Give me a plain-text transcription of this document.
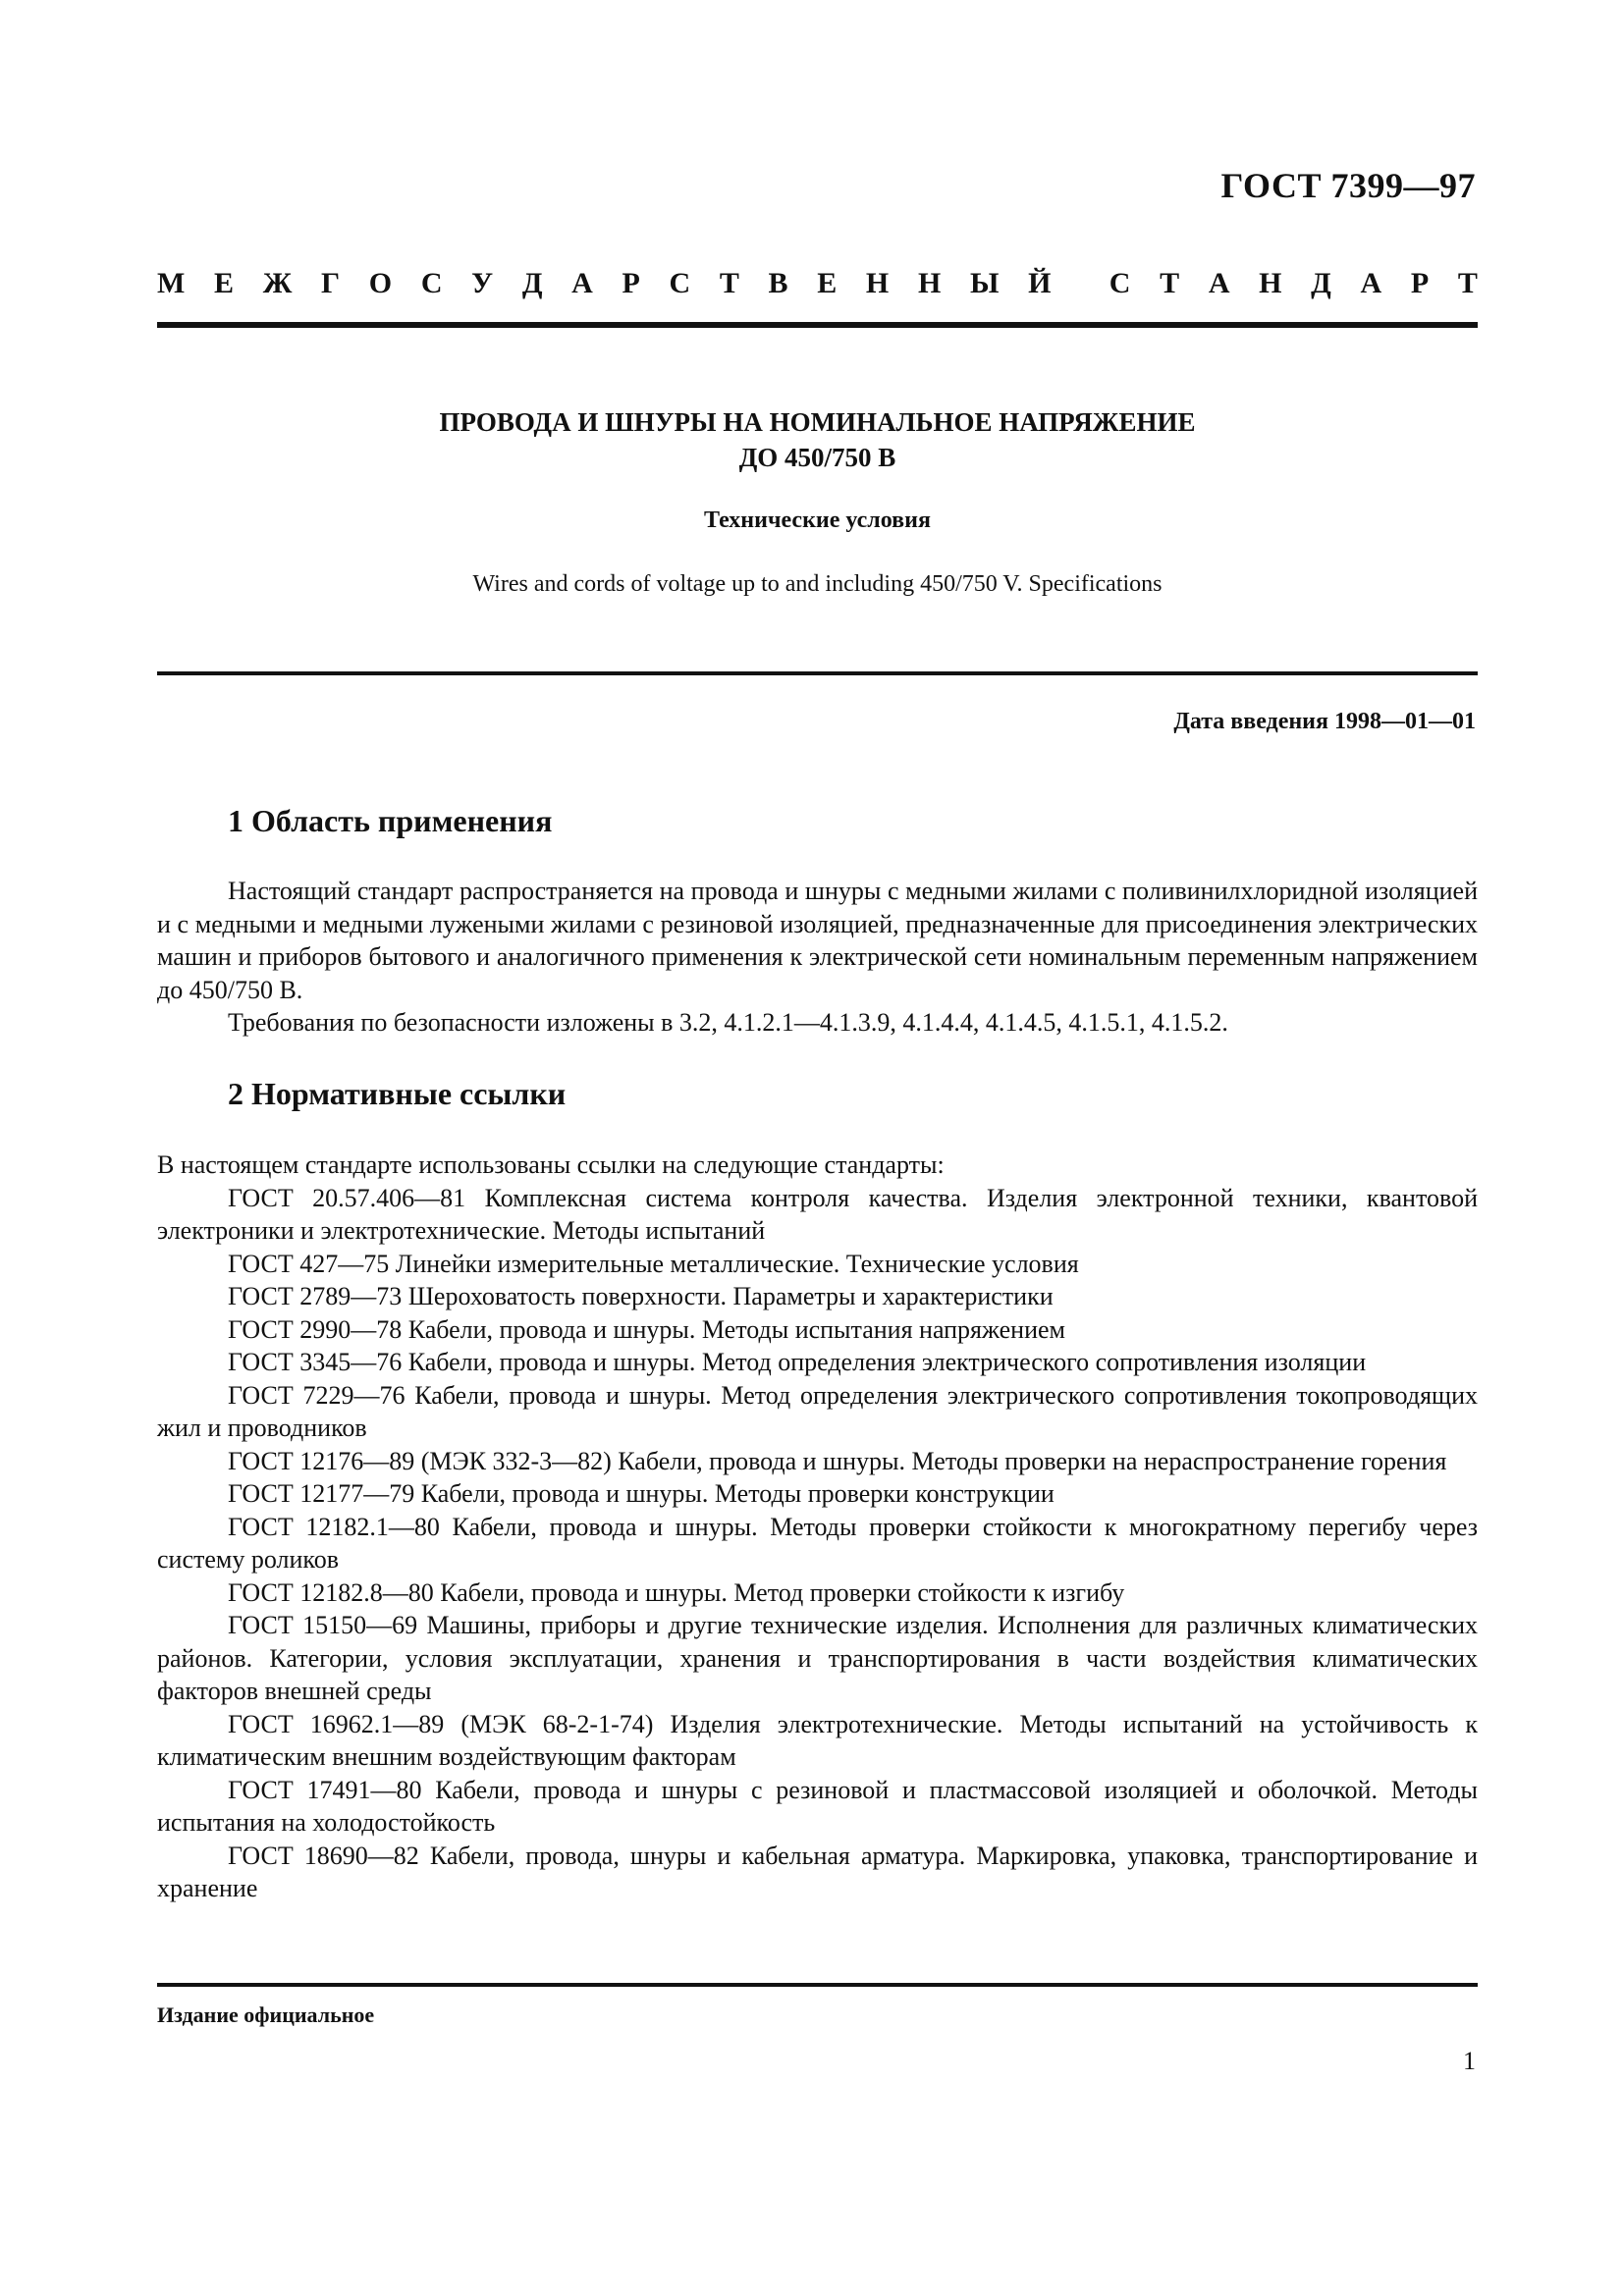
ГОСТ 7399—97
М Е Ж Г О С У Д А Р С Т В Е Н Н Ы Й С Т А Н Д А Р Т
ПРОВОДА И ШНУРЫ НА НОМИНАЛЬНОЕ НАПРЯЖЕНИЕ
ДО 450/750 В
Технические условия
Wires and cords of voltage up to and including 450/750 V. Specifications
Дата введения 1998—01—01
1 Область применения

Настоящий стандарт распространяется на провода и шнуры с медными жилами с поливинилхлоридной изоляцией и с медными и медными лужеными жилами с резиновой изоляцией, предназначенные для присоединения электрических машин и приборов бытового и аналогичного применения к электрической сети номинальным переменным напряжением до 450/750 В.

Требования по безопасности изложены в 3.2, 4.1.2.1—4.1.3.9, 4.1.4.4, 4.1.4.5, 4.1.5.1, 4.1.5.2.

2 Нормативные ссылки

В настоящем стандарте использованы ссылки на следующие стандарты:

ГОСТ 20.57.406—81 Комплексная система контроля качества. Изделия электронной техники, квантовой электроники и электротехнические. Методы испытаний

ГОСТ 427—75 Линейки измерительные металлические. Технические условия

ГОСТ 2789—73 Шероховатость поверхности. Параметры и характеристики

ГОСТ 2990—78 Кабели, провода и шнуры. Методы испытания напряжением

ГОСТ 3345—76 Кабели, провода и шнуры. Метод определения электрического сопротивления изоляции

ГОСТ 7229—76 Кабели, провода и шнуры. Метод определения электрического сопротивления токопроводящих жил и проводников

ГОСТ 12176—89 (МЭК 332-3—82) Кабели, провода и шнуры. Методы проверки на нераспространение горения

ГОСТ 12177—79 Кабели, провода и шнуры. Методы проверки конструкции

ГОСТ 12182.1—80 Кабели, провода и шнуры. Методы проверки стойкости к многократному перегибу через систему роликов

ГОСТ 12182.8—80 Кабели, провода и шнуры. Метод проверки стойкости к изгибу

ГОСТ 15150—69 Машины, приборы и другие технические изделия. Исполнения для различных климатических районов. Категории, условия эксплуатации, хранения и транспортирования в части воздействия климатических факторов внешней среды

ГОСТ 16962.1—89 (МЭК 68-2-1-74) Изделия электротехнические. Методы испытаний на устойчивость к климатическим внешним воздействующим факторам

ГОСТ 17491—80 Кабели, провода и шнуры с резиновой и пластмассовой изоляцией и оболочкой. Методы испытания на холодостойкость

ГОСТ 18690—82 Кабели, провода, шнуры и кабельная арматура. Маркировка, упаковка, транспортирование и хранение

Издание официальное
1
